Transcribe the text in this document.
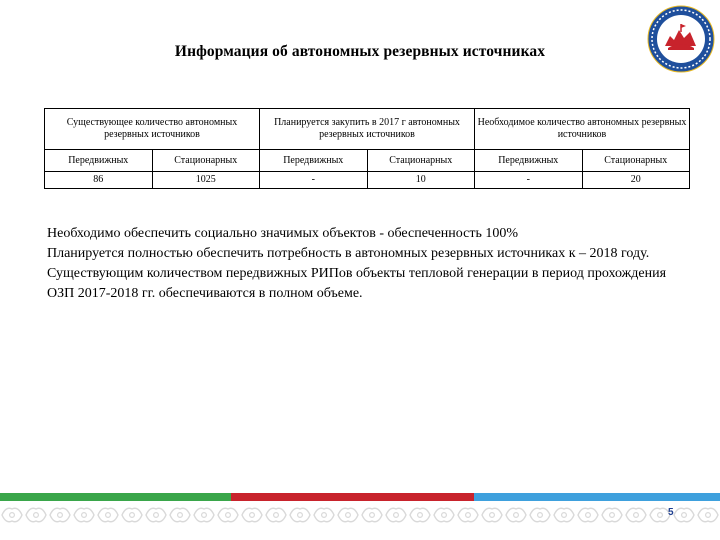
Информация об автономных резервных источниках
Существующее количество автономных резервных источников		Планируется закупить в 2017 г автономных резервных источников		Необходимое количество автономных резервных источников	
Передвижных	Стационарных	Передвижных	Стационарных	Передвижных	Стационарных
86	1025	-	10	-	20

Необходимо обеспечить социально значимых объектов - обеспеченность 100%

Планируется полностью обеспечить потребность в автономных резервных источниках к – 2018 году.

Существующим количеством передвижных РИПов объекты тепловой генерации в период прохождения ОЗП 2017-2018 гг. обеспечиваются в полном объеме.

5
